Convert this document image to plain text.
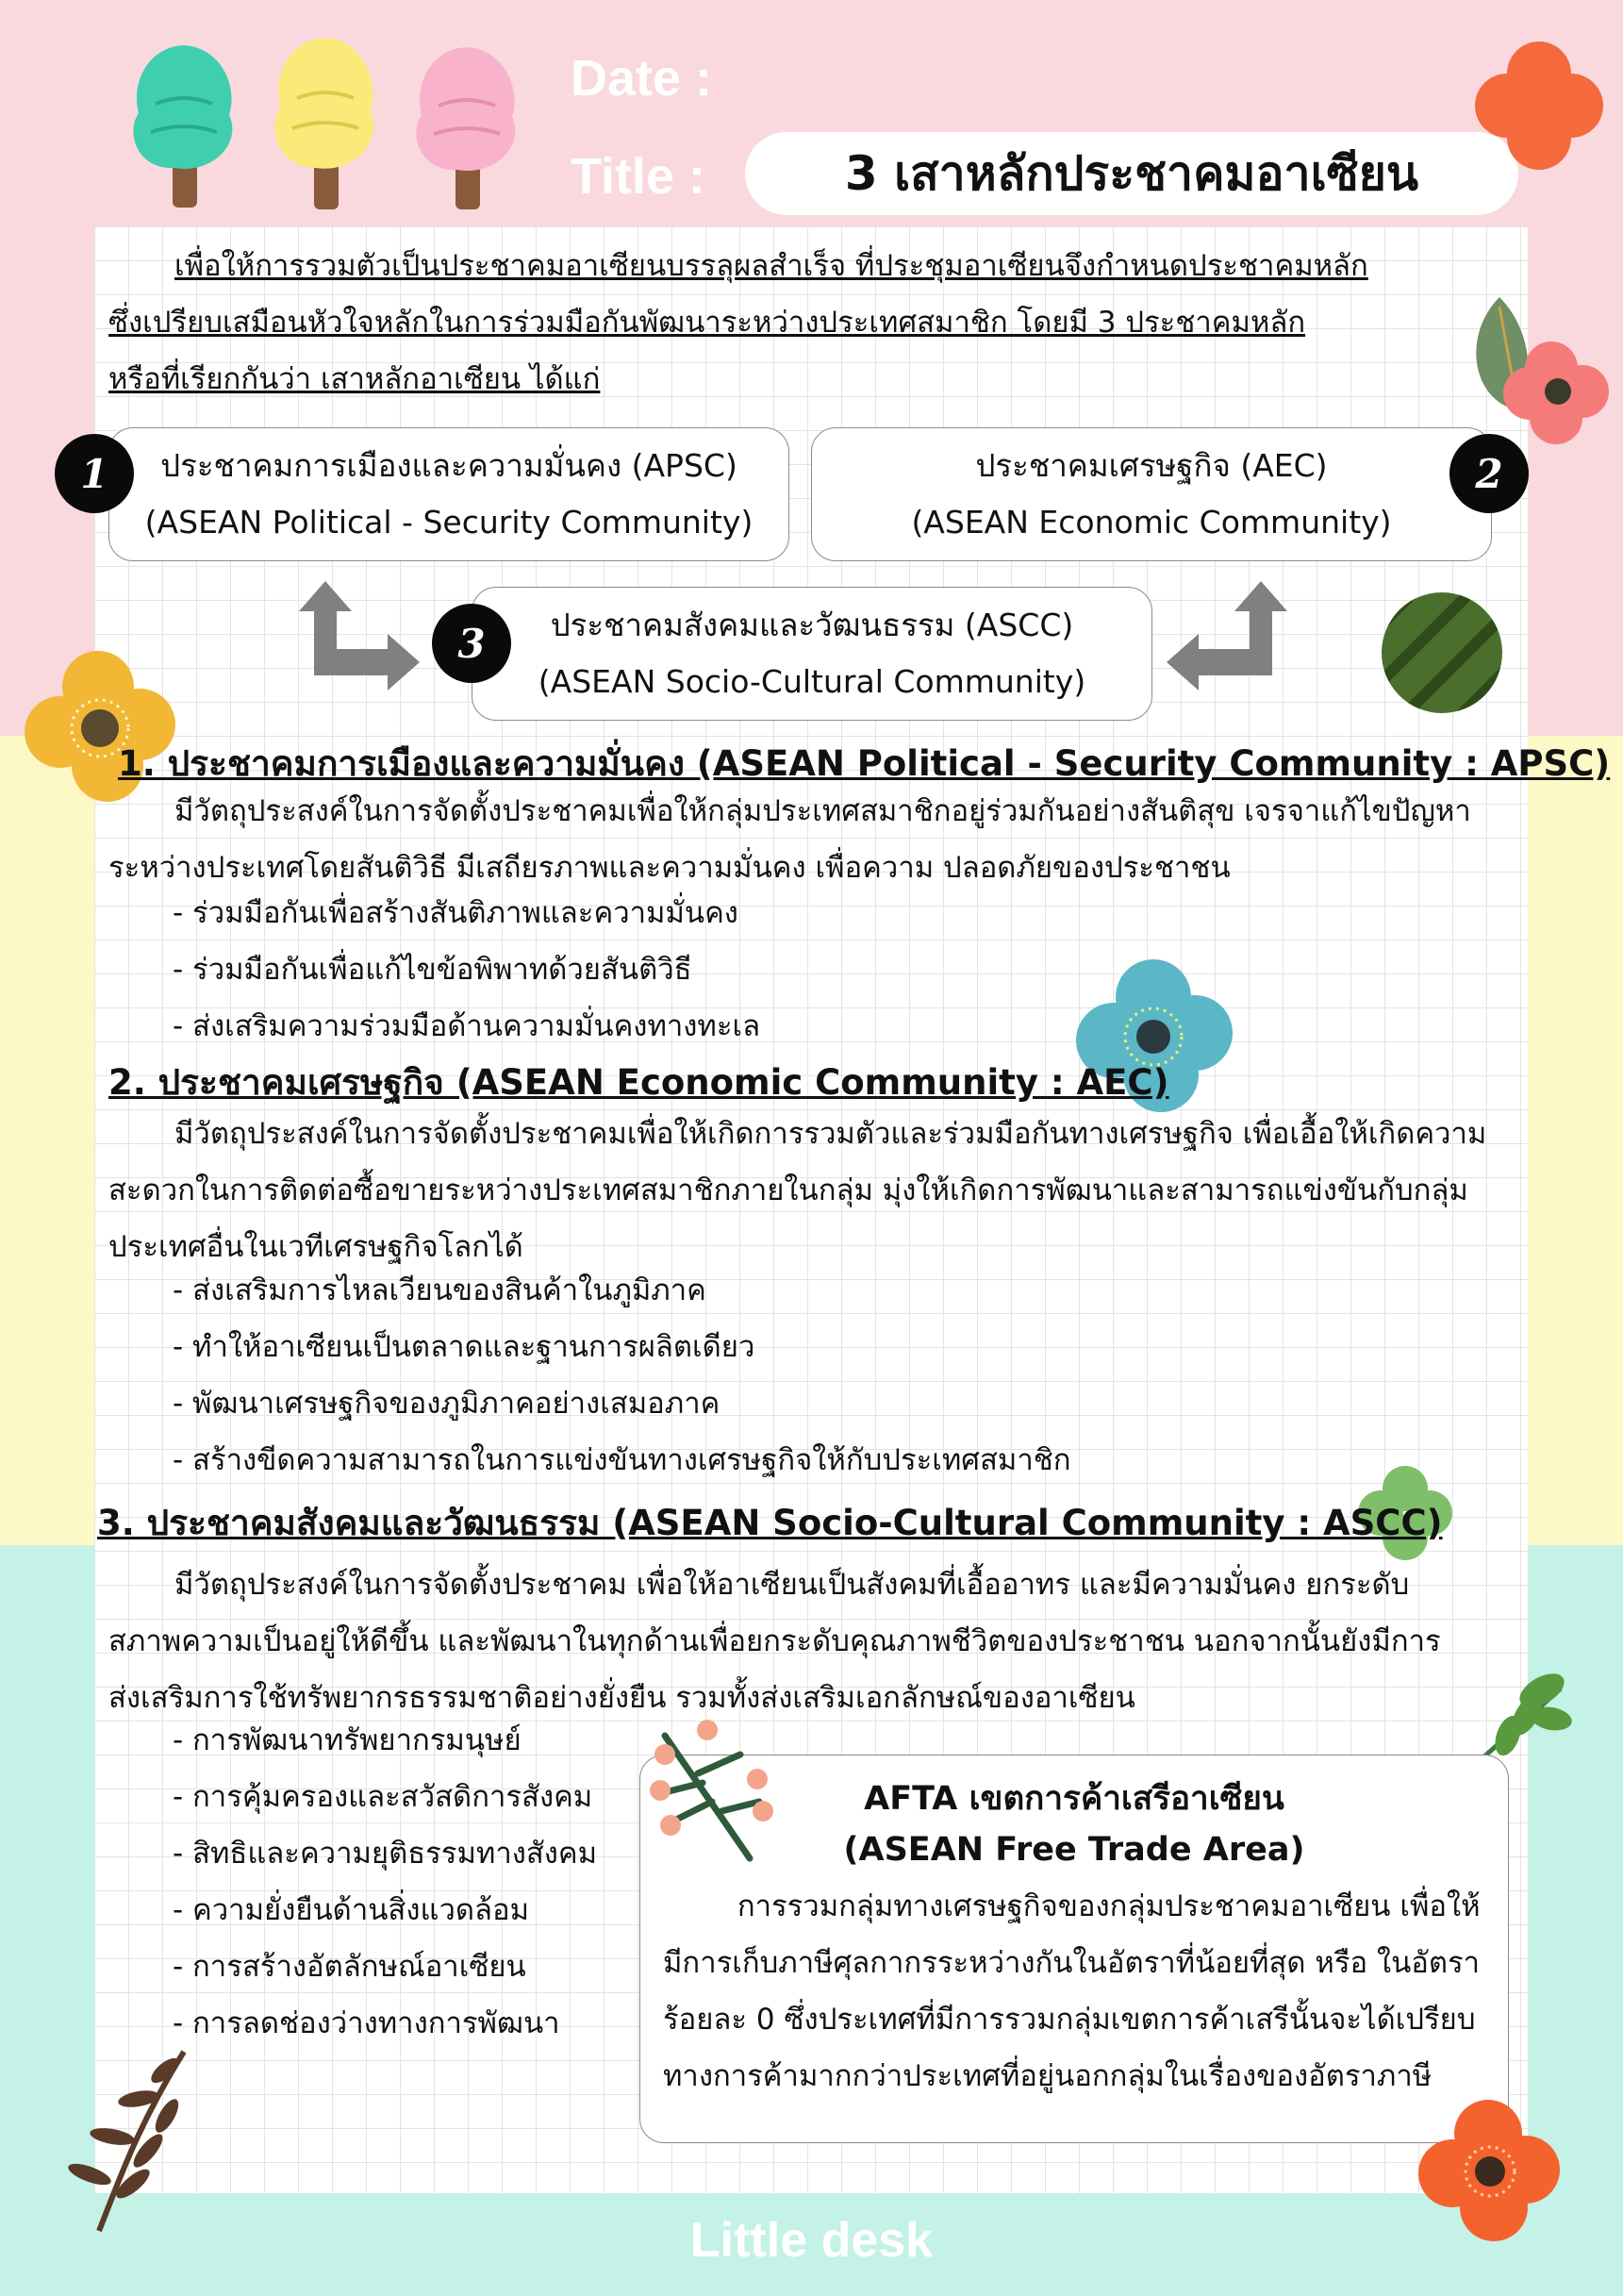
Date :
Title :	3 เสาหลักประชาคมอาเซียน
เพื่อให้การรวมตัวเป็นประชาคมอาเซียนบรรลุผลสำเร็จ ที่ประชุมอาเซียนจึงกำหนดประชาคมหลัก
ซึ่งเปรียบเสมือนหัวใจหลักในการร่วมมือกันพัฒนาระหว่างประเทศสมาชิก โดยมี 3 ประชาคมหลัก
หรือที่เรียกกันว่า เสาหลักอาเซียน ได้แก่
ประชาคมการเมืองและความมั่นคง (APSC)
(ASEAN Political - Security Community)
1	ประชาคมเศรษฐกิจ (AEC)
(ASEAN Economic Community)
2
ประชาคมสังคมและวัฒนธรรม (ASCC)
(ASEAN Socio-Cultural Community)
3
1. ประชาคมการเมืองและความมั่นคง (ASEAN Political - Security Community : APSC)
มีวัตถุประสงค์ในการจัดตั้งประชาคมเพื่อให้กลุ่มประเทศสมาชิกอยู่ร่วมกันอย่างสันติสุข เจรจาแก้ไขปัญหา
ระหว่างประเทศโดยสันติวิธี มีเสถียรภาพและความมั่นคง เพื่อความ ปลอดภัยของประชาชน
- ร่วมมือกันเพื่อสร้างสันติภาพและความมั่นคง
- ร่วมมือกันเพื่อแก้ไขข้อพิพาทด้วยสันติวิธี
- ส่งเสริมความร่วมมือด้านความมั่นคงทางทะเล
2. ประชาคมเศรษฐกิจ (ASEAN Economic Community : AEC)
มีวัตถุประสงค์ในการจัดตั้งประชาคมเพื่อให้เกิดการรวมตัวและร่วมมือกันทางเศรษฐกิจ เพื่อเอื้อให้เกิดความ
สะดวกในการติดต่อซื้อขายระหว่างประเทศสมาชิกภายในกลุ่ม มุ่งให้เกิดการพัฒนาและสามารถแข่งขันกับกลุ่ม
ประเทศอื่นในเวทีเศรษฐกิจโลกได้
- ส่งเสริมการไหลเวียนของสินค้าในภูมิภาค
- ทำให้อาเซียนเป็นตลาดและฐานการผลิตเดียว
- พัฒนาเศรษฐกิจของภูมิภาคอย่างเสมอภาค
- สร้างขีดความสามารถในการแข่งขันทางเศรษฐกิจให้กับประเทศสมาชิก
3. ประชาคมสังคมและวัฒนธรรม (ASEAN Socio-Cultural Community : ASCC)
มีวัตถุประสงค์ในการจัดตั้งประชาคม เพื่อให้อาเซียนเป็นสังคมที่เอื้ออาทร และมีความมั่นคง ยกระดับ
สภาพความเป็นอยู่ให้ดีขึ้น และพัฒนาในทุกด้านเพื่อยกระดับคุณภาพชีวิตของประชาชน นอกจากนั้นยังมีการ
ส่งเสริมการใช้ทรัพยากรธรรมชาติอย่างยั่งยืน รวมทั้งส่งเสริมเอกลักษณ์ของอาเซียน
- การพัฒนาทรัพยากรมนุษย์
- การคุ้มครองและสวัสดิการสังคม
- สิทธิและความยุติธรรมทางสังคม
- ความยั่งยืนด้านสิ่งแวดล้อม
- การสร้างอัตลักษณ์อาเซียน
- การลดช่องว่างทางการพัฒนา
AFTA เขตการค้าเสรีอาเซียน
(ASEAN Free Trade Area)
การรวมกลุ่มทางเศรษฐกิจของกลุ่มประชาคมอาเซียน เพื่อให้
มีการเก็บภาษีศุลกากรระหว่างกันในอัตราที่น้อยที่สุด หรือ ในอัตรา
ร้อยละ 0 ซึ่งประเทศที่มีการรวมกลุ่มเขตการค้าเสรีนั้นจะได้เปรียบ
ทางการค้ามากกว่าประเทศที่อยู่นอกกลุ่มในเรื่องของอัตราภาษี
Little desk
